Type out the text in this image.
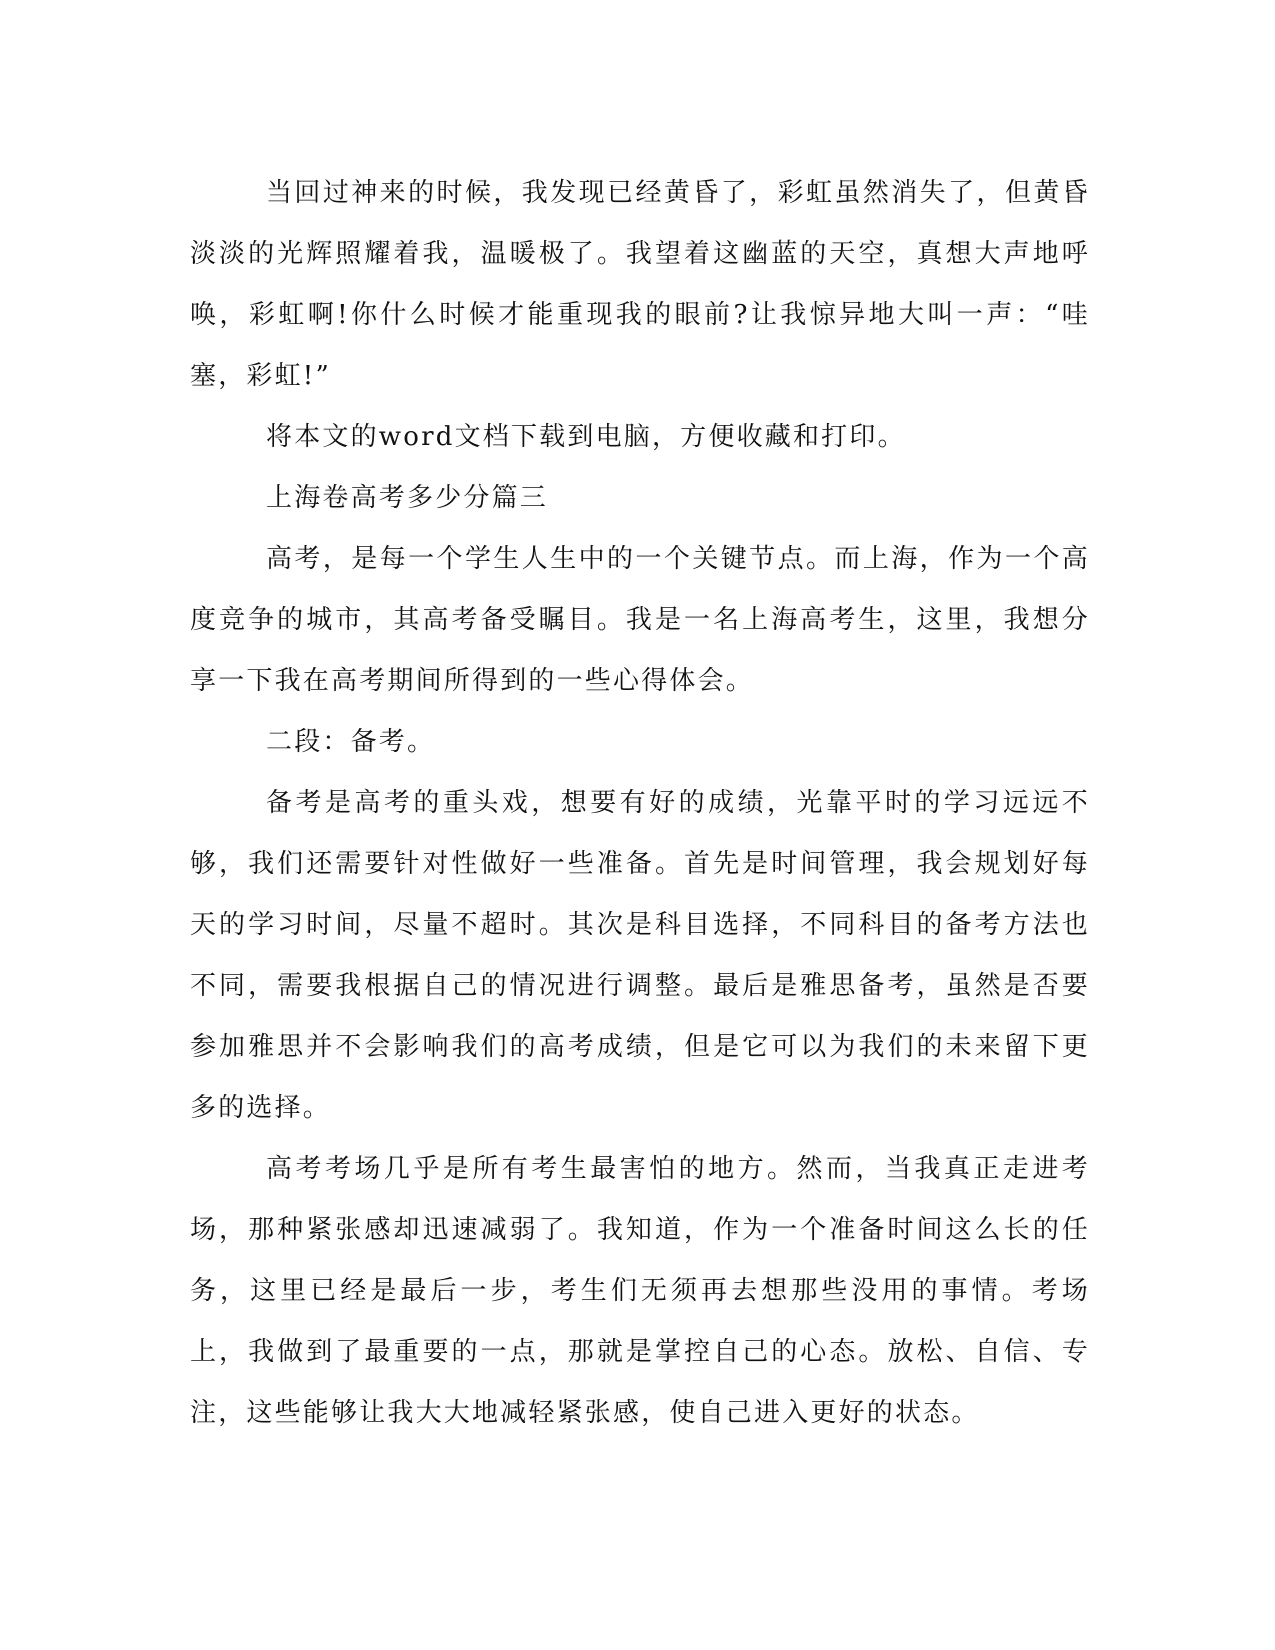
当回过神来的时候，我发现已经黄昏了，彩虹虽然消失了，但黄昏淡淡的光辉照耀着我，温暖极了。我望着这幽蓝的天空，真想大声地呼唤，彩虹啊!你什么时候才能重现我的眼前?让我惊异地大叫一声：“哇塞，彩虹!”

将本文的word文档下载到电脑，方便收藏和打印。

上海卷高考多少分篇三

高考，是每一个学生人生中的一个关键节点。而上海，作为一个高度竞争的城市，其高考备受瞩目。我是一名上海高考生，这里，我想分享一下我在高考期间所得到的一些心得体会。

二段：备考。

备考是高考的重头戏，想要有好的成绩，光靠平时的学习远远不够，我们还需要针对性做好一些准备。首先是时间管理，我会规划好每天的学习时间，尽量不超时。其次是科目选择，不同科目的备考方法也不同，需要我根据自己的情况进行调整。最后是雅思备考，虽然是否要参加雅思并不会影响我们的高考成绩，但是它可以为我们的未来留下更多的选择。

高考考场几乎是所有考生最害怕的地方。然而，当我真正走进考场，那种紧张感却迅速减弱了。我知道，作为一个准备时间这么长的任务，这里已经是最后一步，考生们无须再去想那些没用的事情。考场上，我做到了最重要的一点，那就是掌控自己的心态。放松、自信、专注，这些能够让我大大地减轻紧张感，使自己进入更好的状态。
